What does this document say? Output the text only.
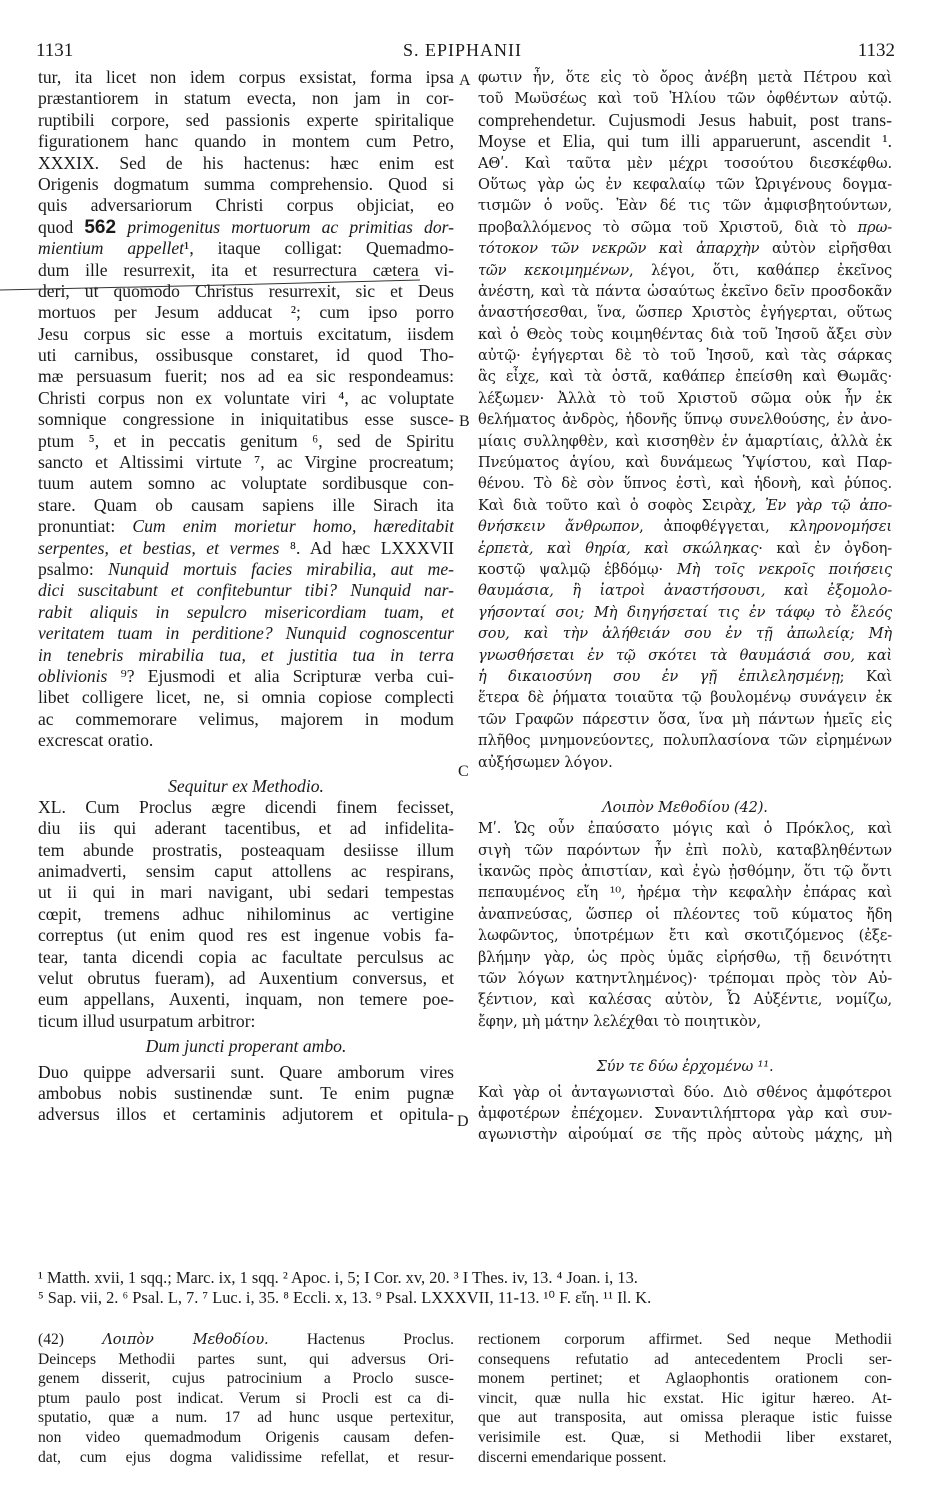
1131	S. EPIPHANII	1132
A
B
C
D
tur, ita licet non idem corpus exsistat, forma ipsa
præstantiorem in statum evecta, non jam in cor-
ruptibili corpore, sed passionis experte spiritalique
figurationem hanc quando in montem cum Petro,
XXXIX. Sed de his hactenus: hæc enim est
Origenis dogmatum summa comprehensio. Quod si
quis adversariorum Christi corpus objiciat, eo
quod 562 primogenitus mortuorum ac primitias dor-
mientium appellet¹, itaque colligat: Quemadmo-
dum ille resurrexit, ita et resurrectura cætera vi-
deri, ut quomodo Christus resurrexit, sic et Deus
mortuos per Jesum adducat ²; cum ipso porro
Jesu corpus sic esse a mortuis excitatum, iisdem
uti carnibus, ossibusque constaret, id quod Tho-
mæ persuasum fuerit; nos ad ea sic respondeamus:
Christi corpus non ex voluntate viri ⁴, ac voluptate
somnique congressione in iniquitatibus esse susce-
ptum ⁵, et in peccatis genitum ⁶, sed de Spiritu
sancto et Altissimi virtute ⁷, ac Virgine procreatum;
tuum autem somno ac voluptate sordibusque con-
stare. Quam ob causam sapiens ille Sirach ita
pronuntiat: Cum enim morietur homo, hæreditabit
serpentes, et bestias, et vermes ⁸. Ad hæc LXXXVII
psalmo: Nunquid mortuis facies mirabilia, aut me-
dici suscitabunt et confitebuntur tibi? Nunquid nar-
rabit aliquis in sepulcro misericordiam tuam, et
veritatem tuam in perditione? Nunquid cognoscentur
in tenebris mirabilia tua, et justitia tua in terra
oblivionis ⁹? Ejusmodi et alia Scripturæ verba cui-
libet colligere licet, ne, si omnia copiose complecti
ac commemorare velimus, majorem in modum
excrescat oratio.
Sequitur ex Methodio.
XL. Cum Proclus ægre dicendi finem fecisset,
diu iis qui aderant tacentibus, et ad infidelita-
tem abunde prostratis, posteaquam desiisse illum
animadverti, sensim caput attollens ac respirans,
ut ii qui in mari navigant, ubi sedari tempestas
cœpit, tremens adhuc nihilominus ac vertigine
correptus (ut enim quod res est ingenue vobis fa-
tear, tanta dicendi copia ac facultate perculsus ac
velut obrutus fueram), ad Auxentium conversus, et
eum appellans, Auxenti, inquam, non temere poe-
ticum illud usurpatum arbitror:
Dum juncti properant ambo.
Duo quippe adversarii sunt. Quare amborum vires
ambobus nobis sustinendæ sunt. Te enim pugnæ
adversus illos et certaminis adjutorem et opitula-
φωτιν ἦν, ὅτε εἰς τὸ ὄρος ἀνέβη μετὰ Πέτρου καὶ
τοῦ Μωϋσέως καὶ τοῦ Ἠλίου τῶν ὀφθέντων αὐτῷ.
comprehendetur. Cujusmodi Jesus habuit, post trans-
Moyse et Elia, qui tum illi apparuerunt, ascendit ¹.
ΑΘʹ. Καὶ ταῦτα μὲν μέχρι τοσούτου διεσκέφθω.
Οὕτως γὰρ ὡς ἐν κεφαλαίῳ τῶν Ὠριγένους δογμα-
τισμῶν ὁ νοῦς. Ἐὰν δέ τις τῶν ἀμφισβητούντων,
προβαλλόμενος τὸ σῶμα τοῦ Χριστοῦ, διὰ τὸ πρω-
τότοκον τῶν νεκρῶν καὶ ἀπαρχὴν αὐτὸν εἰρῆσθαι
τῶν κεκοιμημένων, λέγοι, ὅτι, καθάπερ ἐκεῖνος
ἀνέστη, καὶ τὰ πάντα ὡσαύτως ἐκεῖνο δεῖν προσδοκᾶν
ἀναστήσεσθαι, ἵνα, ὥσπερ Χριστὸς ἐγήγερται, οὕτως
καὶ ὁ Θεὸς τοὺς κοιμηθέντας διὰ τοῦ Ἰησοῦ ἄξει σὺν
αὐτῷ· ἐγήγερται δὲ τὸ τοῦ Ἰησοῦ, καὶ τὰς σάρκας
ἃς εἶχε, καὶ τὰ ὀστᾶ, καθάπερ ἐπείσθη καὶ Θωμᾶς·
λέξωμεν· Ἀλλὰ τὸ τοῦ Χριστοῦ σῶμα οὐκ ἦν ἐκ
θελήματος ἀνδρὸς, ἡδονῆς ὕπνῳ συνελθούσης, ἐν ἀνο-
μίαις συλληφθὲν, καὶ κισσηθὲν ἐν ἁμαρτίαις, ἀλλὰ ἐκ
Πνεύματος ἁγίου, καὶ δυνάμεως Ὑψίστου, καὶ Παρ-
θένου. Τὸ δὲ σὸν ὕπνος ἐστὶ, καὶ ἡδονὴ, καὶ ῥύπος.
Καὶ διὰ τοῦτο καὶ ὁ σοφὸς Σειρὰχ, Ἐν γὰρ τῷ ἀπο-
θνήσκειν ἄνθρωπον, ἀποφθέγγεται, κληρονομήσει
ἑρπετὰ, καὶ θηρία, καὶ σκώληκας· καὶ ἐν ὀγδοη-
κοστῷ ψαλμῷ ἑβδόμῳ· Μὴ τοῖς νεκροῖς ποιήσεις
θαυμάσια, ἢ ἰατροὶ ἀναστήσουσι, καὶ ἐξομολο-
γήσονταί σοι; Μὴ διηγήσεταί τις ἐν τάφῳ τὸ ἔλεός
σου, καὶ τὴν ἀλήθειάν σου ἐν τῇ ἀπωλείᾳ; Μὴ
γνωσθήσεται ἐν τῷ σκότει τὰ θαυμάσιά σου, καὶ
ἡ δικαιοσύνη σου ἐν γῇ ἐπιλελησμένῃ; Καὶ
ἕτερα δὲ ῥήματα τοιαῦτα τῷ βουλομένῳ συνάγειν ἐκ
τῶν Γραφῶν πάρεστιν ὅσα, ἵνα μὴ πάντων ἡμεῖς εἰς
πλῆθος μνημονεύοντες, πολυπλασίονα τῶν εἰρημένων
αὐξήσωμεν λόγον.
Λοιπὸν Μεθοδίου (42).
Μʹ. Ὡς οὖν ἐπαύσατο μόγις καὶ ὁ Πρόκλος, καὶ
σιγὴ τῶν παρόντων ἦν ἐπὶ πολὺ, καταβληθέντων
ἱκανῶς πρὸς ἀπιστίαν, καὶ ἐγὼ ᾐσθόμην, ὅτι τῷ ὄντι
πεπαυμένος εἴη ¹⁰, ἠρέμα τὴν κεφαλὴν ἐπάρας καὶ
ἀναπνεύσας, ὥσπερ οἱ πλέοντες τοῦ κύματος ἤδη
λωφῶντος, ὑποτρέμων ἔτι καὶ σκοτιζόμενος (ἐξε-
βλήμην γὰρ, ὡς πρὸς ὑμᾶς εἰρήσθω, τῇ δεινότητι
τῶν λόγων κατηντλημένος)· τρέπομαι πρὸς τὸν Αὐ-
ξέντιον, καὶ καλέσας αὐτὸν, Ὦ Αὐξέντιε, νομίζω,
ἔφην, μὴ μάτην λελέχθαι τὸ ποιητικὸν,
Σύν τε δύω ἐρχομένω ¹¹.
Καὶ γὰρ οἱ ἀνταγωνισταὶ δύο. Διὸ σθένος ἀμφότεροι
ἀμφοτέρων ἐπέχομεν. Συναντιλήπτορα γὰρ καὶ συν-
αγωνιστὴν αἱρούμαί σε τῆς πρὸς αὐτοὺς μάχης, μὴ
¹ Matth. xvii, 1 sqq.; Marc. ix, 1 sqq. ² Apoc. i, 5; I Cor. xv, 20. ³ I Thes. iv, 13. ⁴ Joan. i, 13.
⁵ Sap. vii, 2. ⁶ Psal. L, 7. ⁷ Luc. i, 35. ⁸ Eccli. x, 13. ⁹ Psal. LXXXVII, 11-13. ¹⁰ F. εἴη. ¹¹ Il. K.
(42) Λοιπὸν Μεθοδίου. Hactenus Proclus.
Deinceps Methodii partes sunt, qui adversus Ori-
genem disserit, cujus patrocinium a Proclo susce-
ptum paulo post indicat. Verum si Procli est ca di-
sputatio, quæ a num. 17 ad hunc usque pertexitur,
non video quemadmodum Origenis causam defen-
dat, cum ejus dogma validissime refellat, et resur-
rectionem corporum affirmet. Sed neque Methodii
consequens refutatio ad antecedentem Procli ser-
monem pertinet; et Aglaophontis orationem con-
vincit, quæ nulla hic exstat. Hic igitur hæreo. At-
que aut transposita, aut omissa pleraque istic fuisse
verisimile est. Quæ, si Methodii liber exstaret,
discerni emendarique possent.
